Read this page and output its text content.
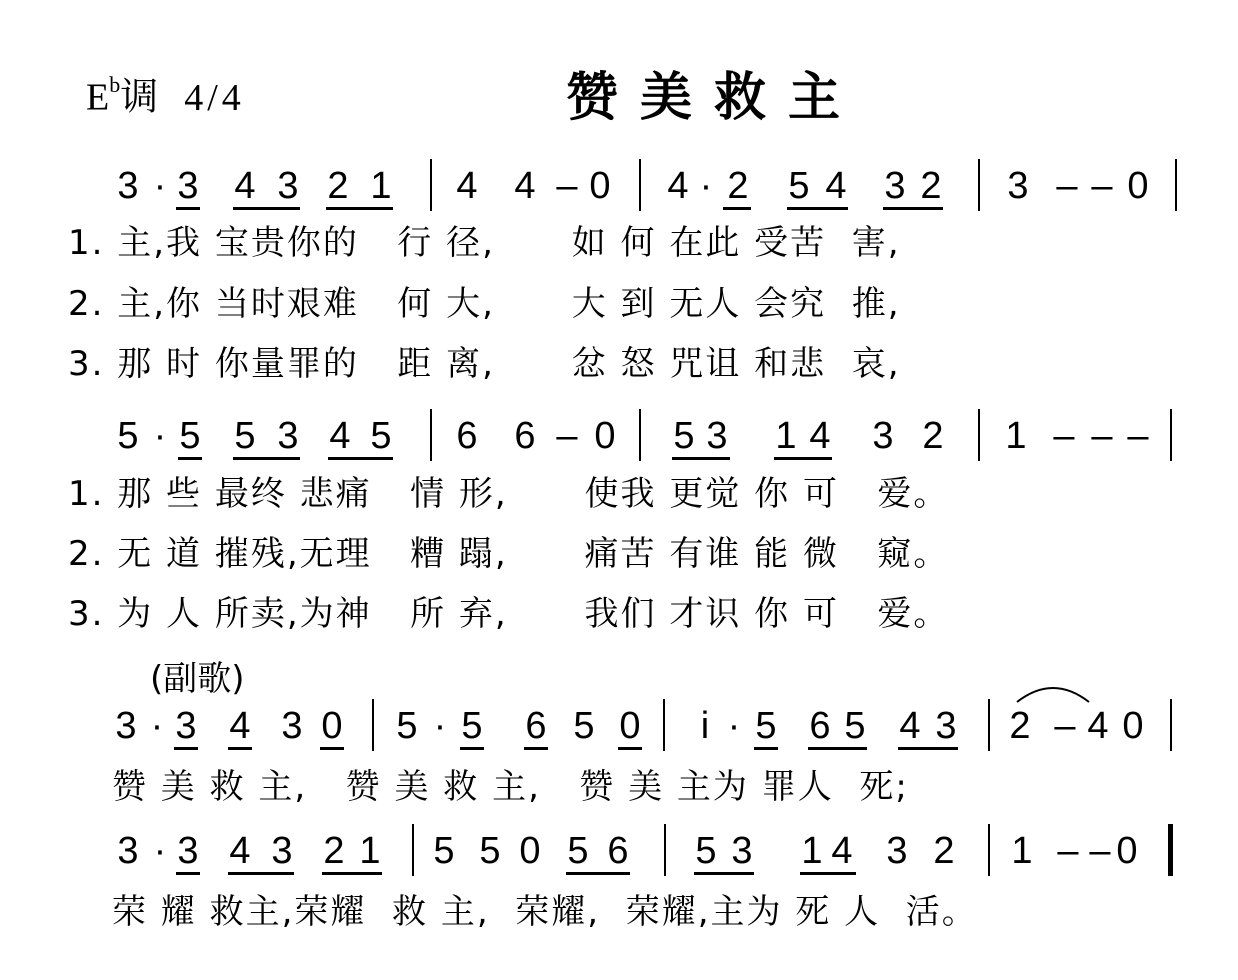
$E^b$调 4/4	赞美救主
3 · 3 4 3 2 1 4 4 – 0 4 · 2 5 4 3 2 3 – – 0
5 · 5 5 3 4 5 6 6 – 0 5 3 1 4 3 2 1 – – –
3 · 3 4 3 0 5 · 5 6 5 0 i · 5 6 5 4 3 2 – 4 0
3 · 3 4 3 2 1 5 5 0 5 6 5 3 1 4 3 2 1 – – 0
1. 主,我 宝贵你的   行 径,      如 何 在此 受苦  害,
2. 主,你 当时艰难   何 大,      大 到 无人 会究  推,
3. 那 时 你量罪的   距 离,      忿 怒 咒诅 和悲  哀,
1. 那 些 最终 悲痛   情 形,      使我 更觉 你 可   爱。
2. 无 道 摧残,无理   糟 蹋,      痛苦 有谁 能 微   窥。
3. 为 人 所卖,为神   所 弃,      我们 才识 你 可   爱。
(副歌)
赞 美 救 主,   赞 美 救 主,   赞 美 主为 罪人  死;
荣 耀 救主,荣耀  救 主,  荣耀,  荣耀,主为 死 人  活。
